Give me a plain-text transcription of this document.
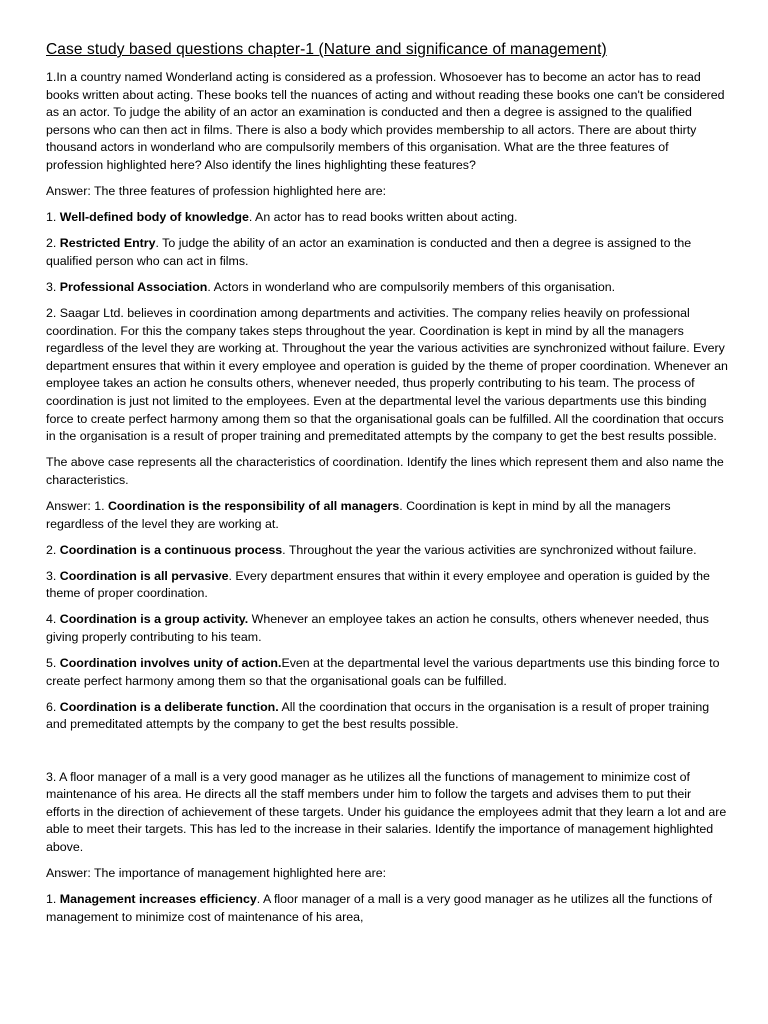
Case study based questions chapter-1 (Nature and significance of management)

1.In a country named Wonderland acting is considered as a profession. Whosoever has to become an actor has to read books written about acting. These books tell the nuances of acting and without reading these books one can't be considered as an actor. To judge the ability of an actor an examination is conducted and then a degree is assigned to the qualified persons who can then act in films. There is also a body which provides membership to all actors. There are about thirty thousand actors in wonderland who are compulsorily members of this organisation. What are the three features of profession highlighted here? Also identify the lines highlighting these features?

Answer: The three features of profession highlighted here are:

1. Well-defined body of knowledge. An actor has to read books written about acting.

2. Restricted Entry. To judge the ability of an actor an examination is conducted and then a degree is assigned to the qualified person who can act in films.

3. Professional Association. Actors in wonderland who are compulsorily members of this organisation.

2. Saagar Ltd. believes in coordination among departments and activities. The company relies heavily on professional coordination. For this the company takes steps throughout the year. Coordination is kept in mind by all the managers regardless of the level they are working at. Throughout the year the various activities are synchronized without failure. Every department ensures that within it every employee and operation is guided by the theme of proper coordination. Whenever an employee takes an action he consults others, whenever needed, thus properly contributing to his team. The process of coordination is just not limited to the employees. Even at the departmental level the various departments use this binding force to create perfect harmony among them so that the organisational goals can be fulfilled. All the coordination that occurs in the organisation is a result of proper training and premeditated attempts by the company to get the best results possible.

The above case represents all the characteristics of coordination. Identify the lines which represent them and also name the characteristics.

Answer: 1. Coordination is the responsibility of all managers. Coordination is kept in mind by all the managers regardless of the level they are working at.

2. Coordination is a continuous process. Throughout the year the various activities are synchronized without failure.

3. Coordination is all pervasive. Every department ensures that within it every employee and operation is guided by the theme of proper coordination.

4. Coordination is a group activity. Whenever an employee takes an action he consults, others whenever needed, thus giving properly contributing to his team.

5. Coordination involves unity of action.Even at the departmental level the various departments use this binding force to create perfect harmony among them so that the organisational goals can be fulfilled.

6. Coordination is a deliberate function. All the coordination that occurs in the organisation is a result of proper training and premeditated attempts by the company to get the best results possible.

3. A floor manager of a mall is a very good manager as he utilizes all the functions of management to minimize cost of maintenance of his area. He directs all the staff members under him to follow the targets and advises them to put their efforts in the direction of achievement of these targets. Under his guidance the employees admit that they learn a lot and are able to meet their targets. This has led to the increase in their salaries. Identify the importance of management highlighted above.

Answer: The importance of management highlighted here are:

1. Management increases efficiency. A floor manager of a mall is a very good manager as he utilizes all the functions of management to minimize cost of maintenance of his area,
